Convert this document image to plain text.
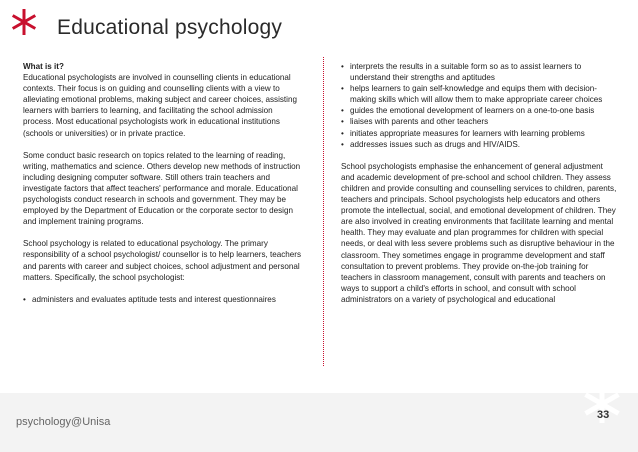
Educational psychology
What is it?

Educational psychologists are involved in counselling clients in educational contexts. Their focus is on guiding and counselling clients with a view to alleviating emotional problems, making subject and career choices, assisting learners with barriers to learning, and facilitating the school admission process. Most educational psychologists work in educational institutions (schools or universities) or in private practice.

Some conduct basic research on topics related to the learning of reading, writing, mathematics and science. Others develop new methods of instruction including designing computer software. Still others train teachers and investigate factors that affect teachers' performance and morale. Educational psychologists conduct research in schools and government. They may be employed by the Department of Education or the corporate sector to design and implement training programs.

School psychology is related to educational psychology. The primary responsibility of a school psychologist/ counsellor is to help learners, teachers and parents with career and subject choices, school adjustment and personal matters. Specifically, the school psychologist:

• administers and evaluates aptitude tests and interest questionnaires
• interprets the results in a suitable form so as to assist learners to understand their strengths and aptitudes
• helps learners to gain self-knowledge and equips them with decision-making skills which will allow them to make appropriate career choices
• guides the emotional development of learners on a one-to-one basis
• liaises with parents and other teachers
• initiates appropriate measures for learners with learning problems
• addresses issues such as drugs and HIV/AIDS.

School psychologists emphasise the enhancement of general adjustment and academic development of pre-school and school children. They assess children and provide consulting and counselling services to children, parents, teachers and principals. School psychologists help educators and others promote the intellectual, social, and emotional development of children. They are also involved in creating environments that facilitate learning and mental health. They may evaluate and plan programmes for children with special needs, or deal with less severe problems such as disruptive behaviour in the classroom. They sometimes engage in programme development and staff consultation to prevent problems. They provide on-the-job training for teachers in classroom management, consult with parents and teachers on ways to support a child's efforts in school, and consult with school administrators on a variety of psychological and educational

psychology@Unisa
33
